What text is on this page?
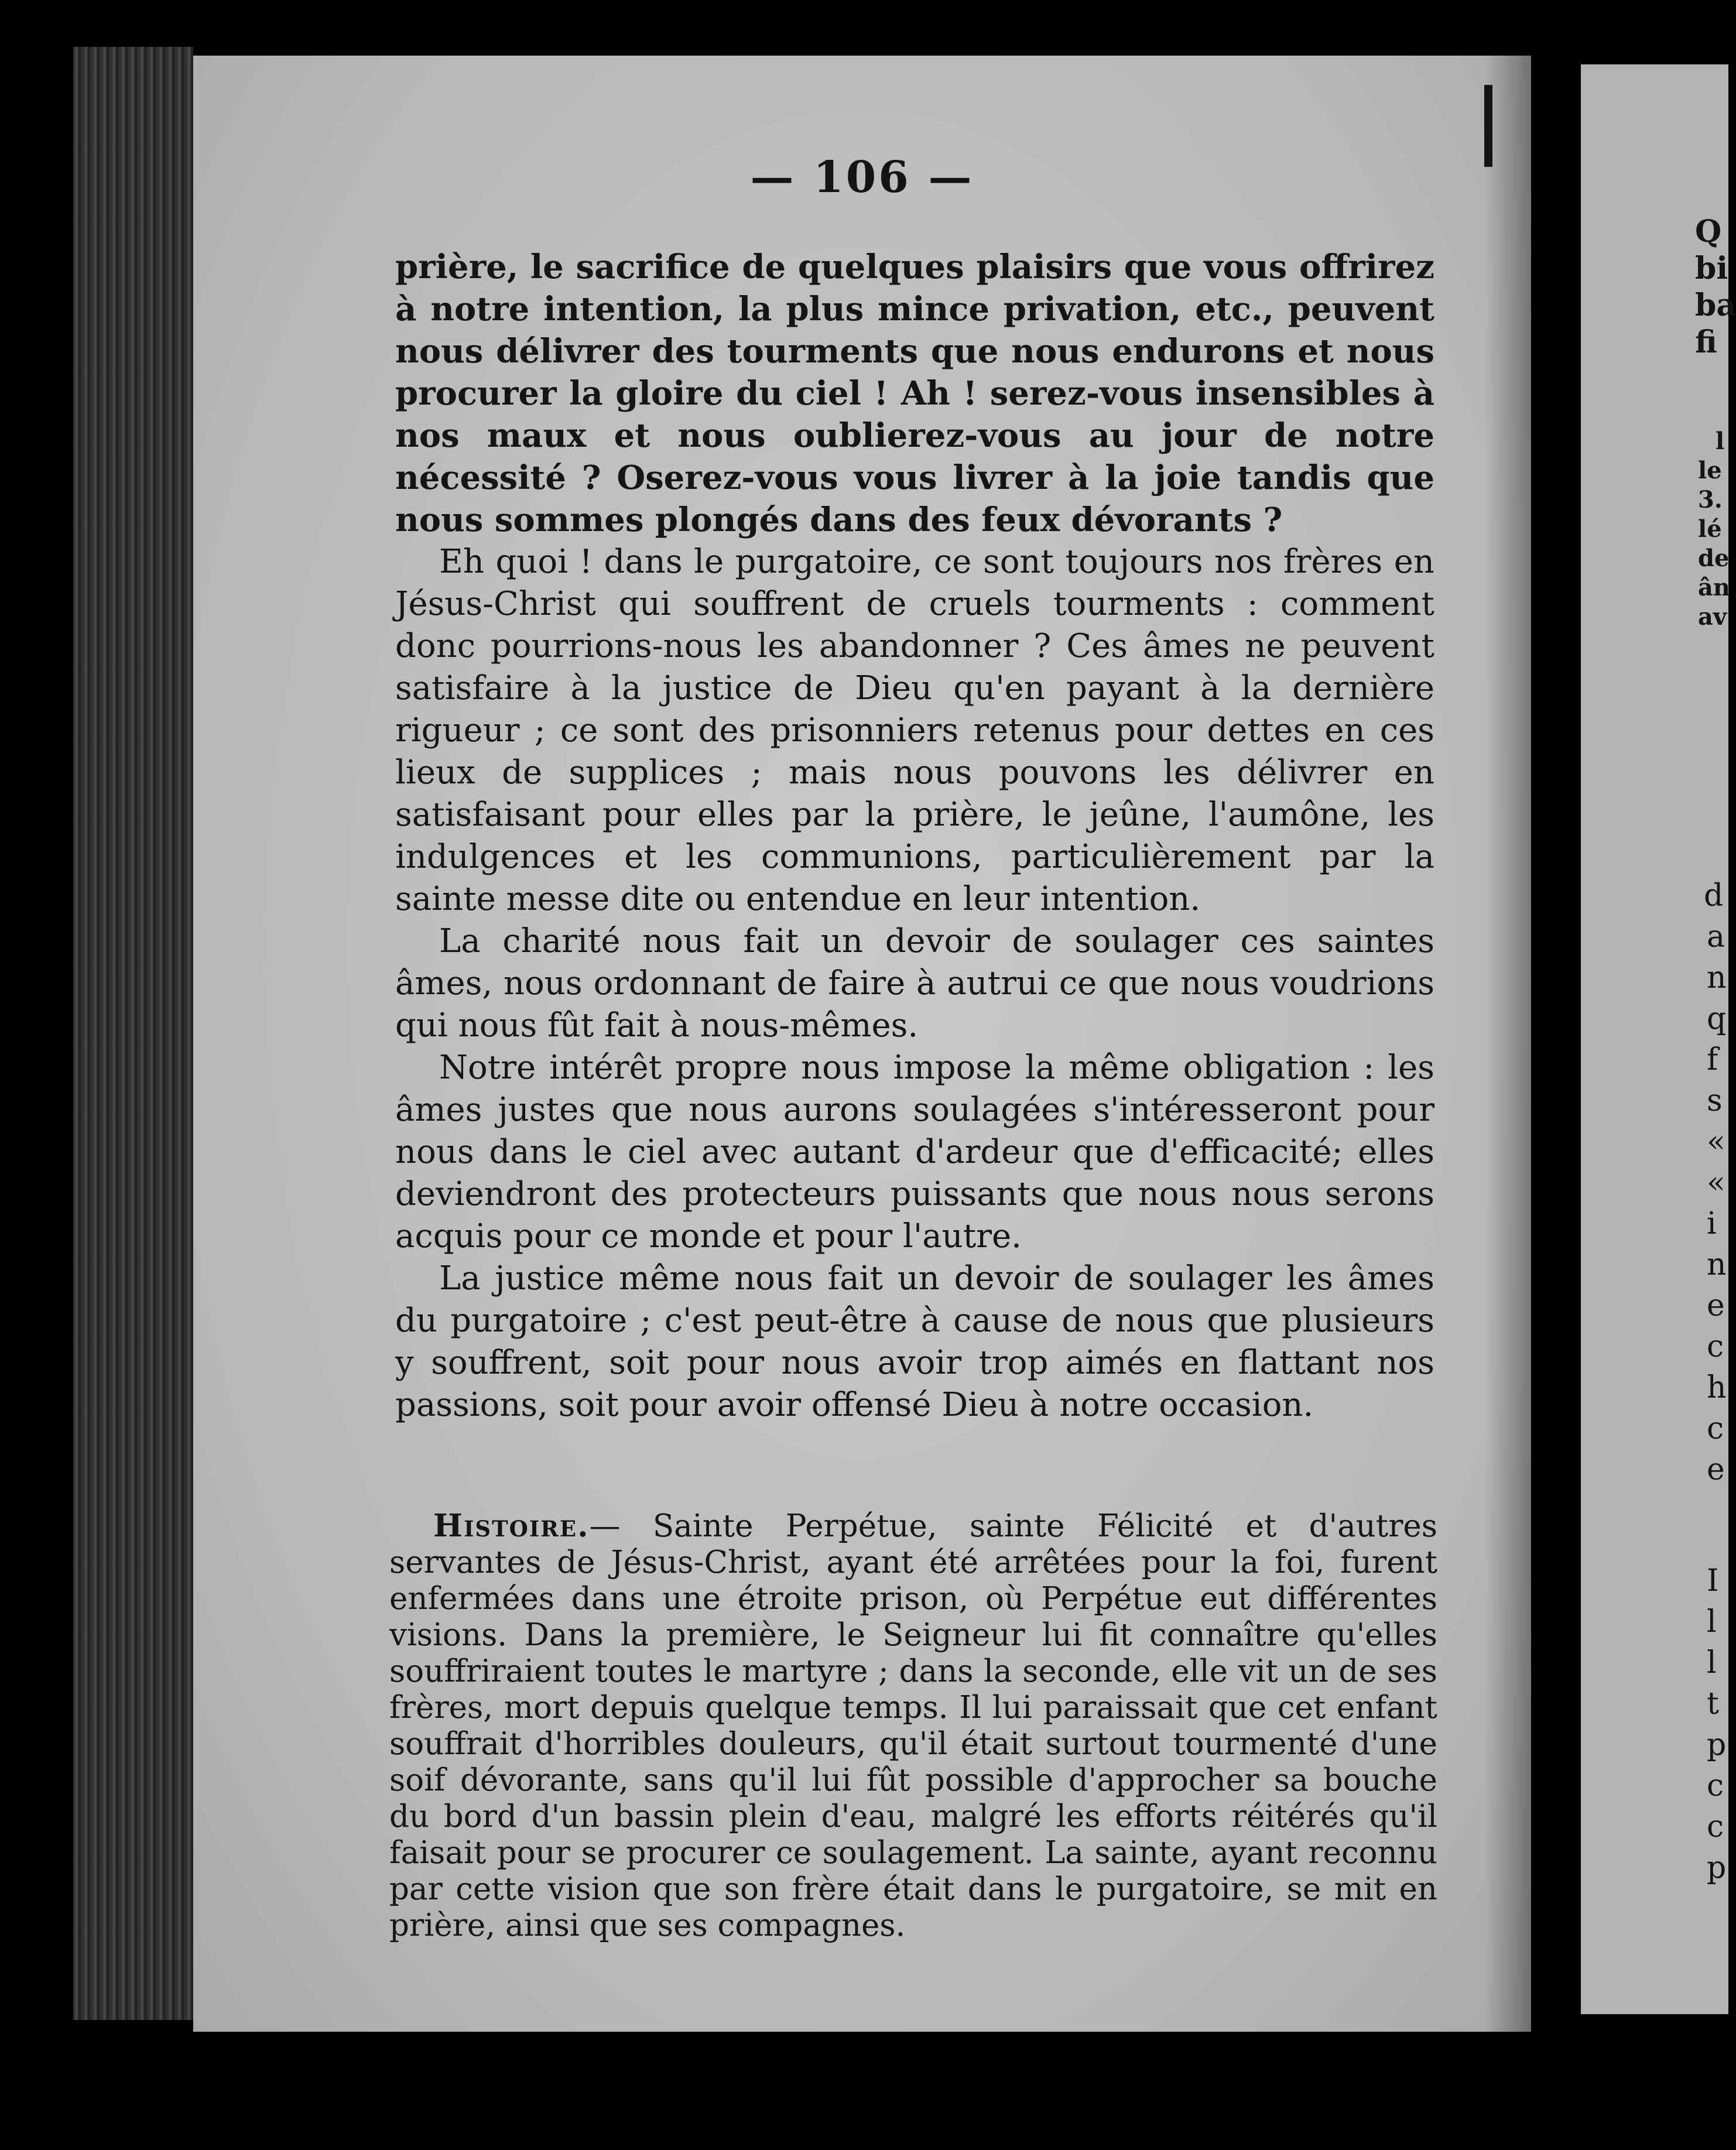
— 106 —

prière, le sacrifice de quelques plaisirs que vous offrirez à notre intention, la plus mince privation, etc., peuvent nous délivrer des tourments que nous endurons et nous procurer la gloire du ciel ! Ah ! serez-vous insensibles à nos maux et nous oublierez-vous au jour de notre nécessité ? Oserez-vous vous livrer à la joie tandis que nous sommes plongés dans des feux dévorants ?

Eh quoi ! dans le purgatoire, ce sont toujours nos frères en Jésus-Christ qui souffrent de cruels tourments : comment donc pourrions-nous les abandonner ? Ces âmes ne peuvent satisfaire à la justice de Dieu qu'en payant à la dernière rigueur ; ce sont des prisonniers retenus pour dettes en ces lieux de supplices ; mais nous pouvons les délivrer en satisfaisant pour elles par la prière, le jeûne, l'aumône, les indulgences et les communions, particulièrement par la sainte messe dite ou entendue en leur intention.

La charité nous fait un devoir de soulager ces saintes âmes, nous ordonnant de faire à autrui ce que nous voudrions qui nous fût fait à nous-mêmes.

Notre intérêt propre nous impose la même obligation : les âmes justes que nous aurons soulagées s'intéresseront pour nous dans le ciel avec autant d'ardeur que d'efficacité; elles deviendront des protecteurs puissants que nous nous serons acquis pour ce monde et pour l'autre.

La justice même nous fait un devoir de soulager les âmes du purgatoire ; c'est peut-être à cause de nous que plusieurs y souffrent, soit pour nous avoir trop aimés en flattant nos passions, soit pour avoir offensé Dieu à notre occasion.

Histoire.— Sainte Perpétue, sainte Félicité et d'autres servantes de Jésus-Christ, ayant été arrêtées pour la foi, furent enfermées dans une étroite prison, où Perpétue eut différentes visions. Dans la première, le Seigneur lui fit connaître qu'elles souffriraient toutes le martyre ; dans la seconde, elle vit un de ses frères, mort depuis quelque temps. Il lui paraissait que cet enfant souffrait d'horribles douleurs, qu'il était surtout tourmenté d'une soif dévorante, sans qu'il lui fût possible d'approcher sa bouche du bord d'un bassin plein d'eau, malgré les efforts réitérés qu'il faisait pour se procurer ce soulagement. La sainte, ayant reconnu par cette vision que son frère était dans le purgatoire, se mit en prière, ainsi que ses compagnes.
Q
bi
ba
fi
l
le
3.
lé
de
ân
av
d
a
n
q
f
s
«
«
i
n
e
c
h
c
e
I
l
l
t
p
c
c
p
